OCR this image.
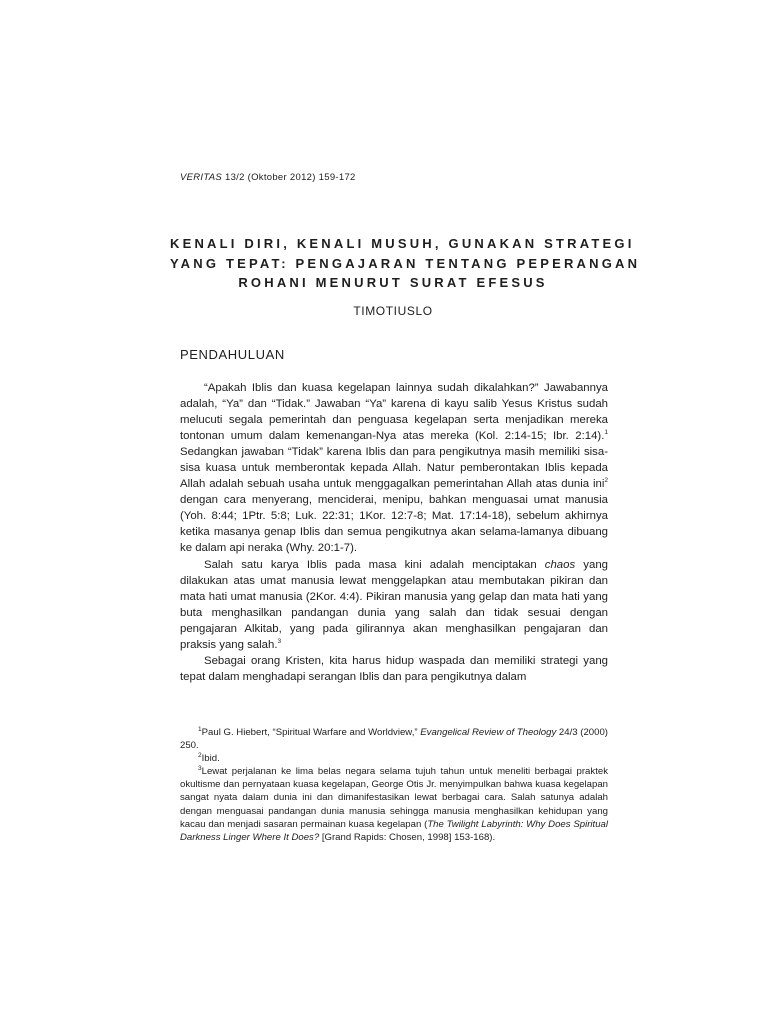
VERITAS 13/2 (Oktober 2012) 159-172
KENALI DIRI, KENALI MUSUH, GUNAKAN STRATEGI
YANG TEPAT: PENGAJARAN TENTANG PEPERANGAN
ROHANI MENURUT SURAT EFESUS
TIMOTIUSLO
PENDAHULUAN

“Apakah Iblis dan kuasa kegelapan lainnya sudah dikalahkan?” Jawabannya adalah, “Ya” dan “Tidak.” Jawaban “Ya” karena di kayu salib Yesus Kristus sudah melucuti segala pemerintah dan penguasa kegelapan serta menjadikan mereka tontonan umum dalam kemenangan-Nya atas mereka (Kol. 2:14-15; Ibr. 2:14).$^1$ Sedangkan jawaban “Tidak” karena Iblis dan para pengikutnya masih memiliki sisa-sisa kuasa untuk memberontak kepada Allah. Natur pemberontakan Iblis kepada Allah adalah sebuah usaha untuk menggagalkan pemerintahan Allah atas dunia ini$^2$ dengan cara menyerang, menciderai, menipu, bahkan menguasai umat manusia (Yoh. 8:44; 1Ptr. 5:8; Luk. 22:31; 1Kor. 12:7-8; Mat. 17:14-18), sebelum akhirnya ketika masanya genap Iblis dan semua pengikutnya akan selama-lamanya dibuang ke dalam api neraka (Why. 20:1-7).

Salah satu karya Iblis pada masa kini adalah menciptakan chaos yang dilakukan atas umat manusia lewat menggelapkan atau membutakan pikiran dan mata hati umat manusia (2Kor. 4:4). Pikiran manusia yang gelap dan mata hati yang buta menghasilkan pandangan dunia yang salah dan tidak sesuai dengan pengajaran Alkitab, yang pada gilirannya akan menghasilkan pengajaran dan praksis yang salah.$^3$

Sebagai orang Kristen, kita harus hidup waspada dan memiliki strategi yang tepat dalam menghadapi serangan Iblis dan para pengikutnya dalam

$^1$Paul G. Hiebert, “Spiritual Warfare and Worldview,” Evangelical Review of Theology 24/3 (2000) 250.

$^2$Ibid.

$^3$Lewat perjalanan ke lima belas negara selama tujuh tahun untuk meneliti berbagai praktek okultisme dan pernyataan kuasa kegelapan, George Otis Jr. menyimpulkan bahwa kuasa kegelapan sangat nyata dalam dunia ini dan dimanifestasikan lewat berbagai cara. Salah satunya adalah dengan menguasai pandangan dunia manusia sehingga manusia menghasilkan kehidupan yang kacau dan menjadi sasaran permainan kuasa kegelapan (The Twilight Labyrinth: Why Does Spiritual Darkness Linger Where It Does? [Grand Rapids: Chosen, 1998] 153-168).
